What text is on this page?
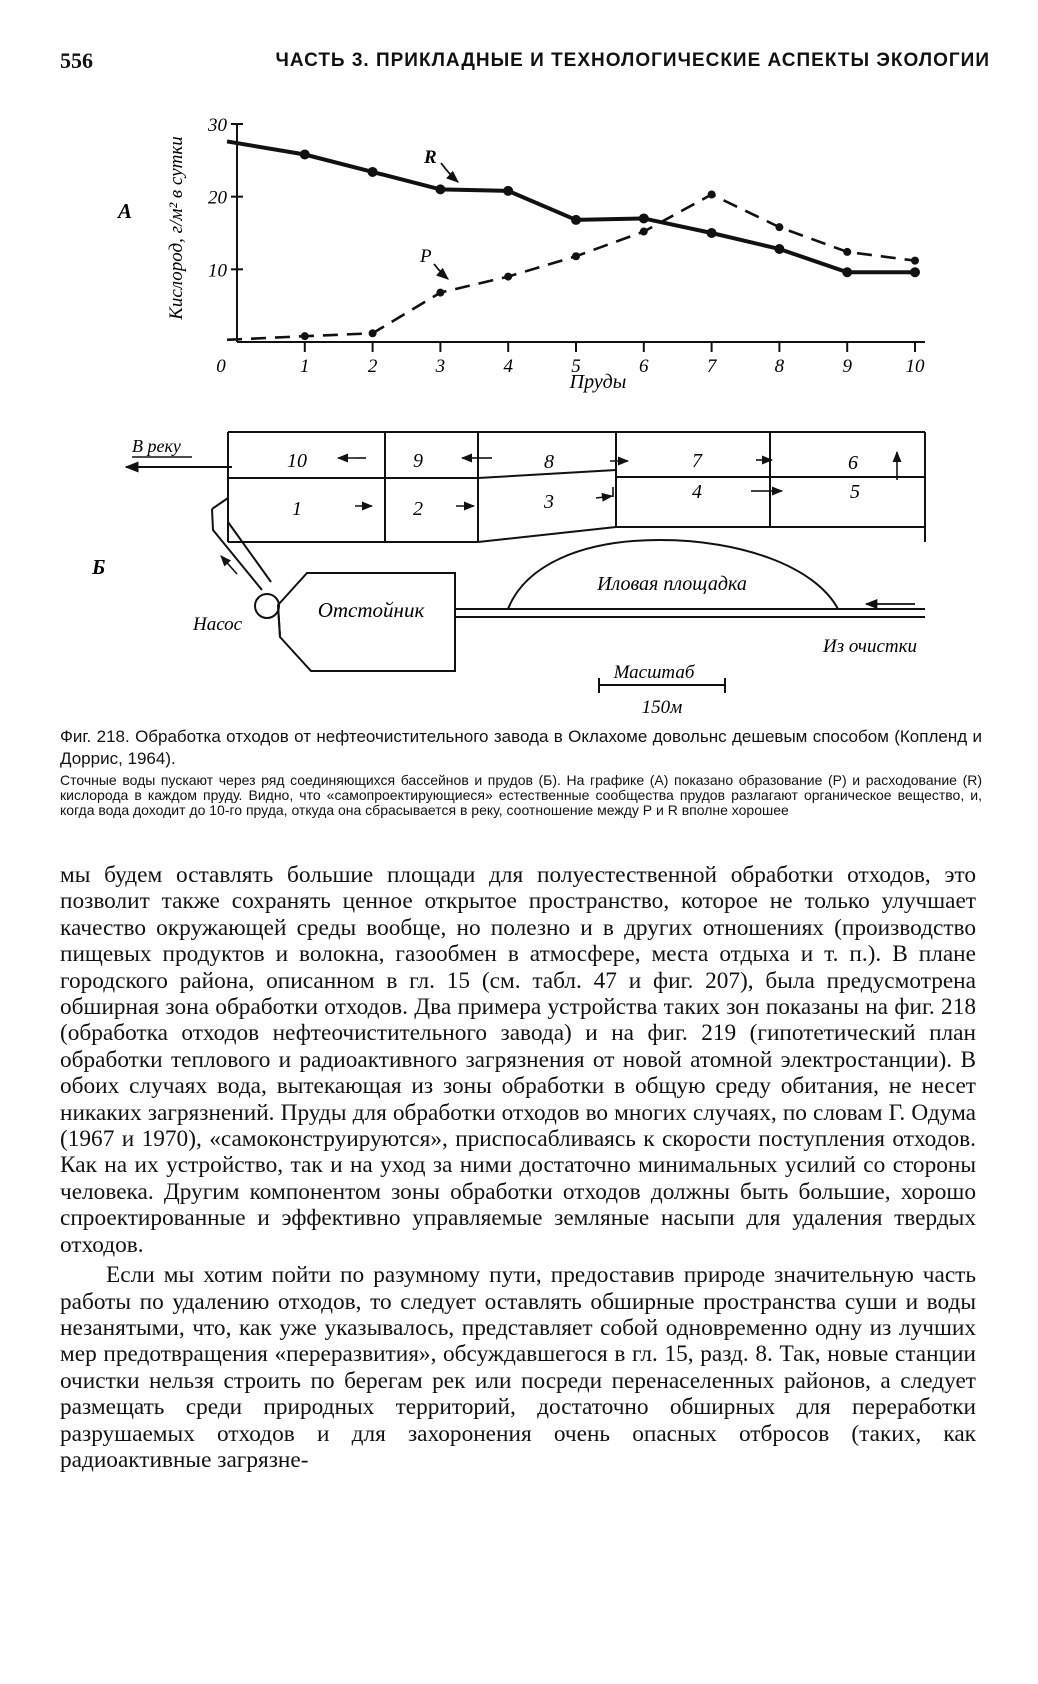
556	ЧАСТЬ 3. ПРИКЛАДНЫЕ И ТЕХНОЛОГИЧЕСКИЕ АСПЕКТЫ ЭКОЛОГИИ
А Кислород, г/м² в сутки
Пруды
10
20
30
0	1	2	3	4	5	6	7	8	9	10
R
P
Б
В реку
10	9	8	7	6
1	2	3	4	5
Насос
Отстойник
Иловая площадка
Из очистки
Масштаб
150м

Фиг. 218. Обработка отходов от нефтеочистительного завода в Оклахоме довольнс дешевым способом (Копленд и Доррис, 1964).

Сточные воды пускают через ряд соединяющихся бассейнов и прудов (Б). На графике (А) показано образование (Р) и расходование (R) кислорода в каждом пруду. Видно, что «самопроектирующиеся» естественные сообщества прудов разлагают органическое вещество, и, когда вода доходит до 10-го пруда, откуда она сбрасывается в реку, соотношение между Р и R вполне хорошее

мы будем оставлять большие площади для полуестественной обработки отходов, это позволит также сохранять ценное открытое пространство, которое не только улучшает качество окружающей среды вообще, но полезно и в других отношениях (производство пищевых продуктов и волокна, газообмен в атмосфере, места отдыха и т. п.). В плане городского района, описанном в гл. 15 (см. табл. 47 и фиг. 207), была предусмотрена обширная зона обработки отходов. Два примера устройства таких зон показаны на фиг. 218 (обработка отходов нефтеочистительного завода) и на фиг. 219 (гипотетический план обработки теплового и радиоактивного загрязнения от новой атомной электростанции). В обоих случаях вода, вытекающая из зоны обработки в общую среду обитания, не несет никаких загрязнений. Пруды для обработки отходов во многих случаях, по словам Г. Одума (1967 и 1970), «самоконструируются», приспосабливаясь к скорости поступления отходов. Как на их устройство, так и на уход за ними достаточно минимальных усилий со стороны человека. Другим компонентом зоны обработки отходов должны быть большие, хорошо спроектированные и эффективно управляемые земляные насыпи для удаления твердых отходов.

Если мы хотим пойти по разумному пути, предоставив природе значительную часть работы по удалению отходов, то следует оставлять обширные пространства суши и воды незанятыми, что, как уже указывалось, представляет собой одновременно одну из лучших мер предотвращения «переразвития», обсуждавшегося в гл. 15, разд. 8. Так, новые станции очистки нельзя строить по берегам рек или посреди перенаселенных районов, а следует размещать среди природных территорий, достаточно обширных для переработки разрушаемых отходов и для захоронения очень опасных отбросов (таких, как радиоактивные загрязне-
